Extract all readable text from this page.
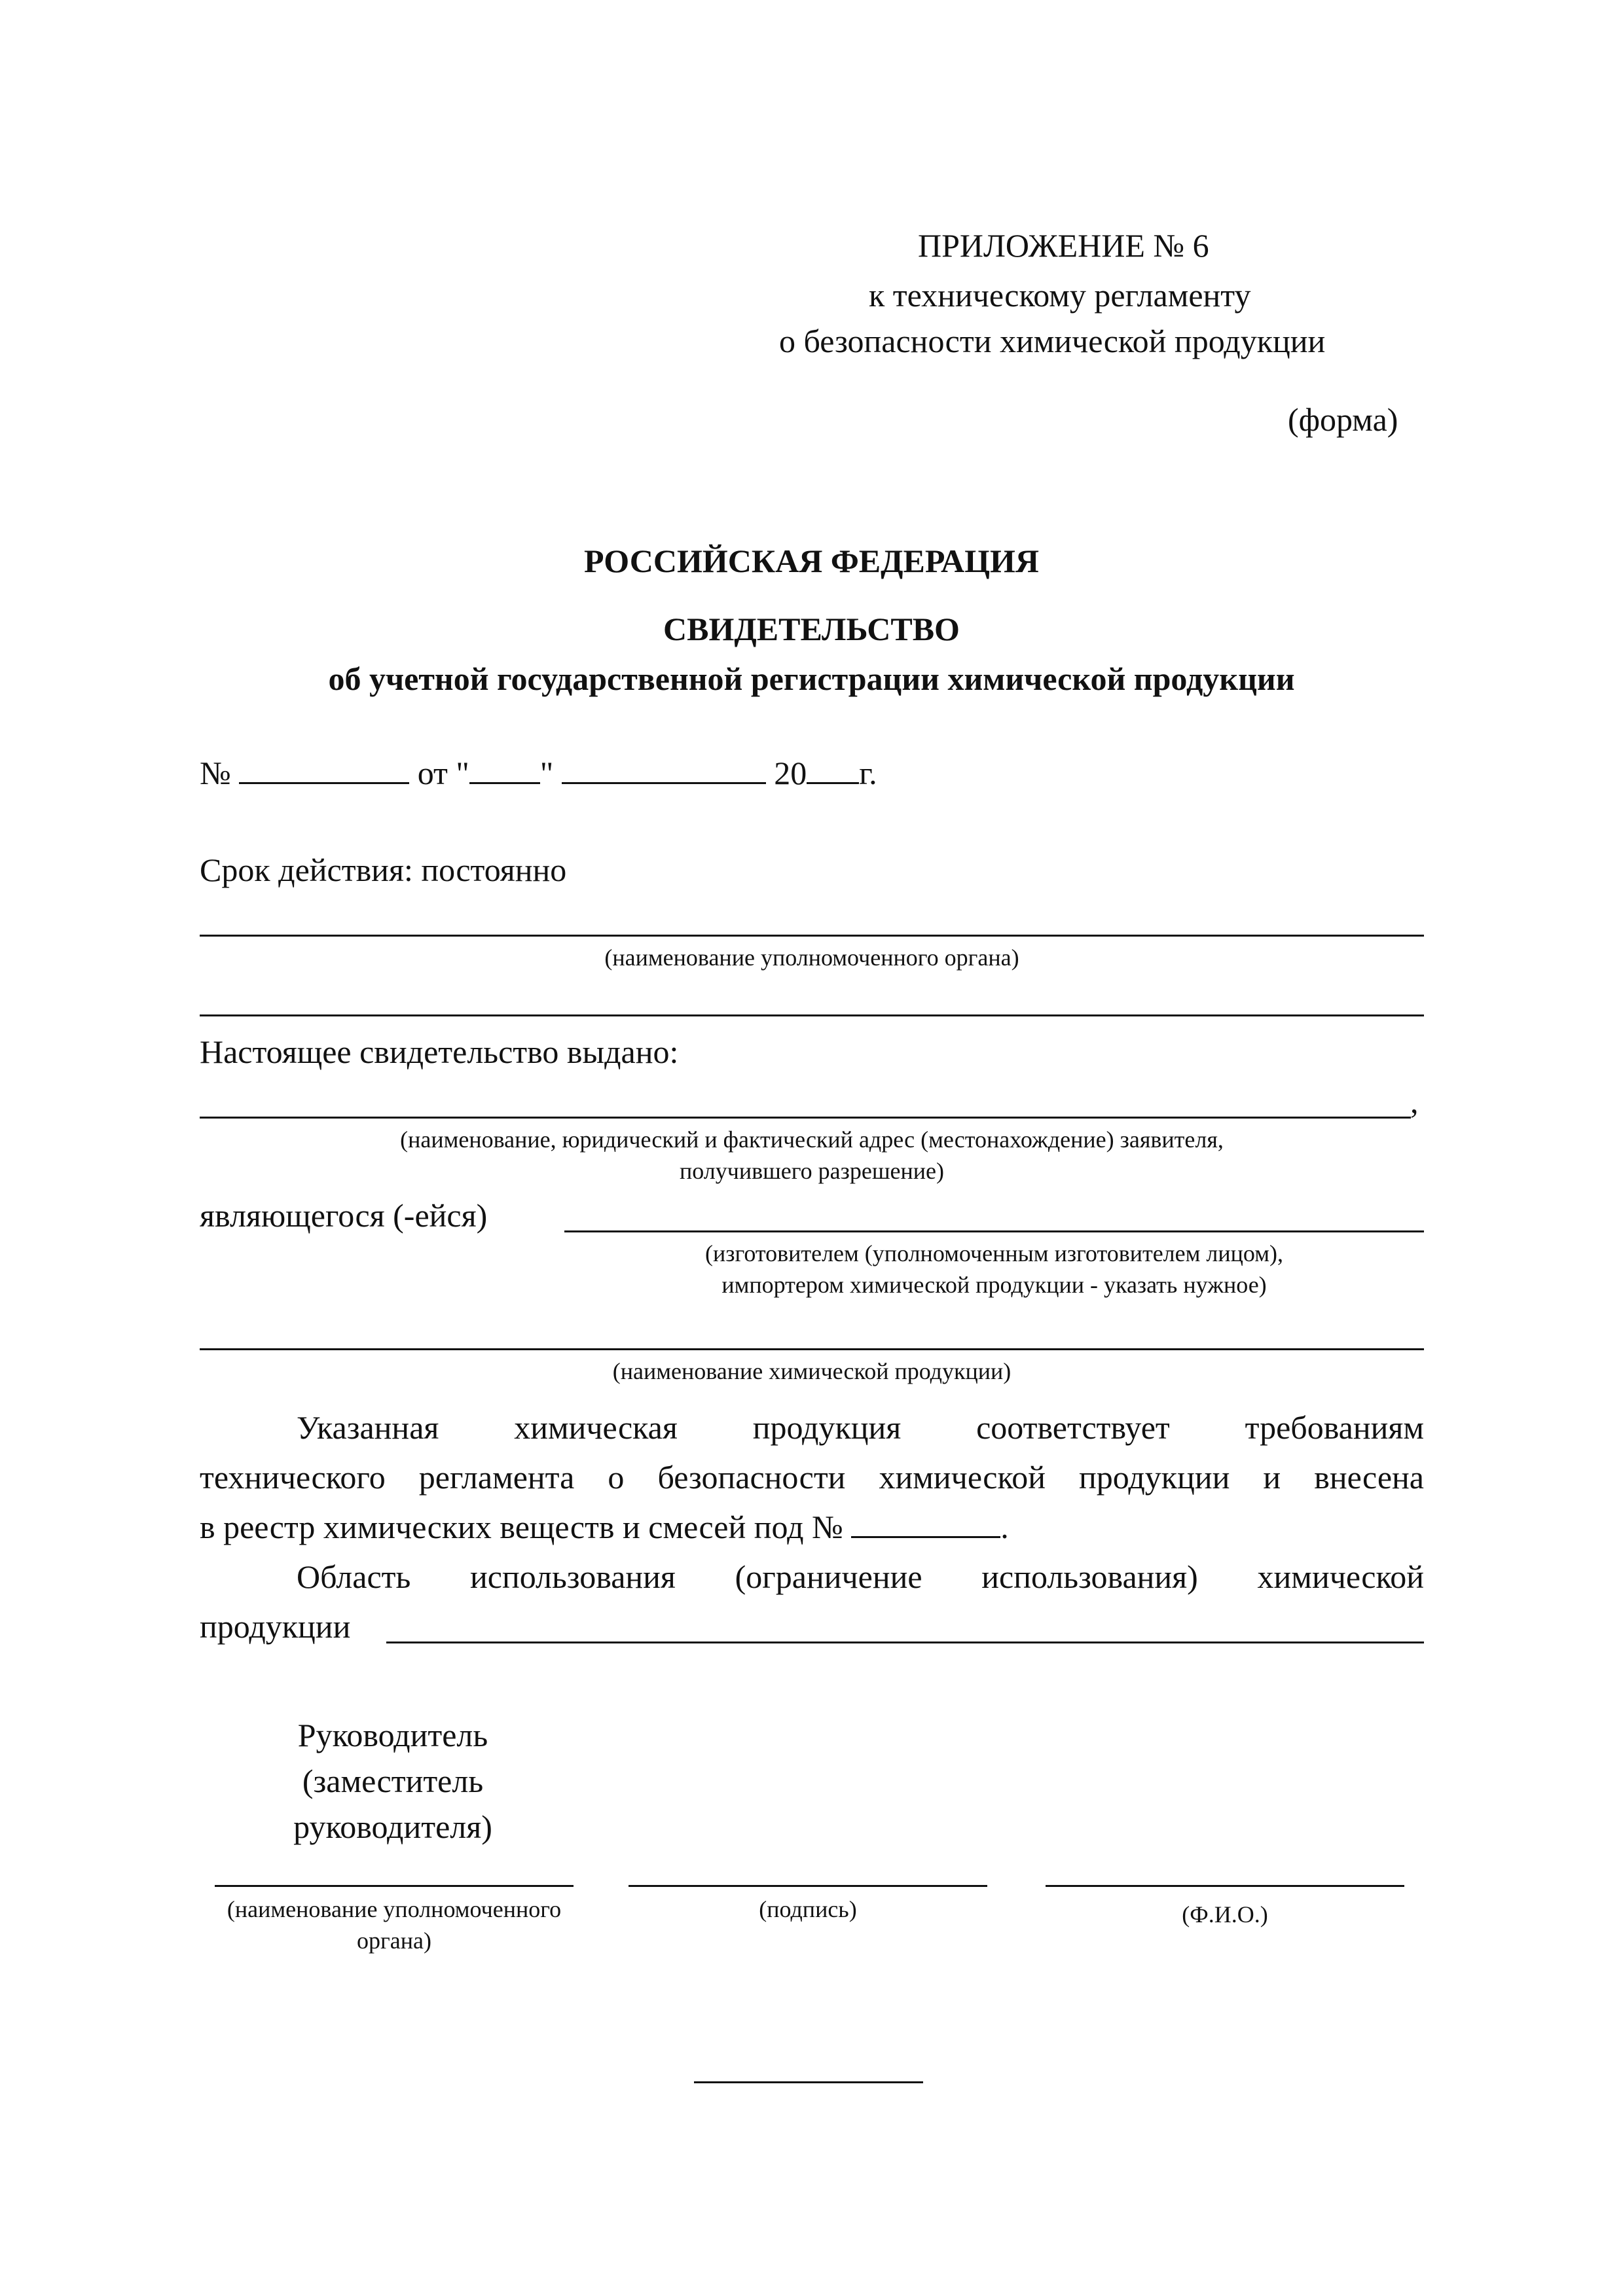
ПРИЛОЖЕНИЕ № 6
к техническому регламенту
о безопасности химической продукции
(форма)
РОССИЙСКАЯ ФЕДЕРАЦИЯ
СВИДЕТЕЛЬСТВО
об учетной государственной регистрации химической продукции
№	от " "	20 г.
Срок действия: постоянно
(наименование уполномоченного органа)
Настоящее свидетельство выдано:
,
(наименование, юридический и фактический адрес (местонахождение) заявителя,
получившего разрешение)
являющегося (-ейся)
(изготовителем (уполномоченным изготовителем лицом),
импортером химической продукции - указать нужное)
(наименование химической продукции)
Указанная химическая продукция соответствует требованиям
технического регламента о безопасности химической продукции и внесена
в реестр химических веществ и смесей под №	.
Область использования (ограничение использования) химической
продукции
Руководитель
(заместитель
руководителя)
(наименование уполномоченного
органа)
(подпись)	(Ф.И.О.)
